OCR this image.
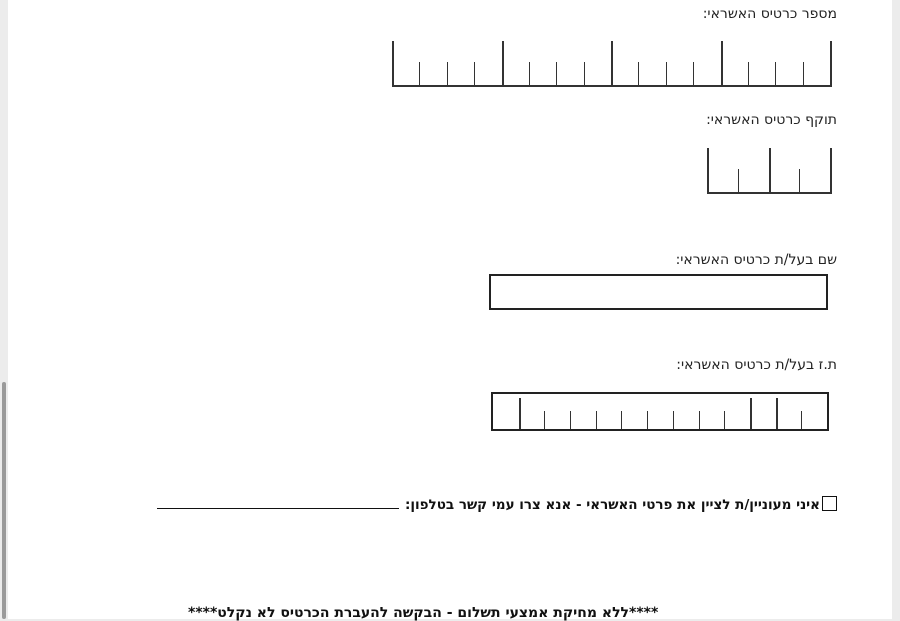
מספר כרטיס האשראי:
תוקף כרטיס האשראי:
שם בעל/ת כרטיס האשראי:
ת.ז בעל/ת כרטיס האשראי:
איני מעוניין/ת לציין את פרטי האשראי - אנא צרו עמי קשר בטלפון:
****ללא מחיקת אמצעי תשלום - הבקשה להעברת הכרטיס לא נקלט****
